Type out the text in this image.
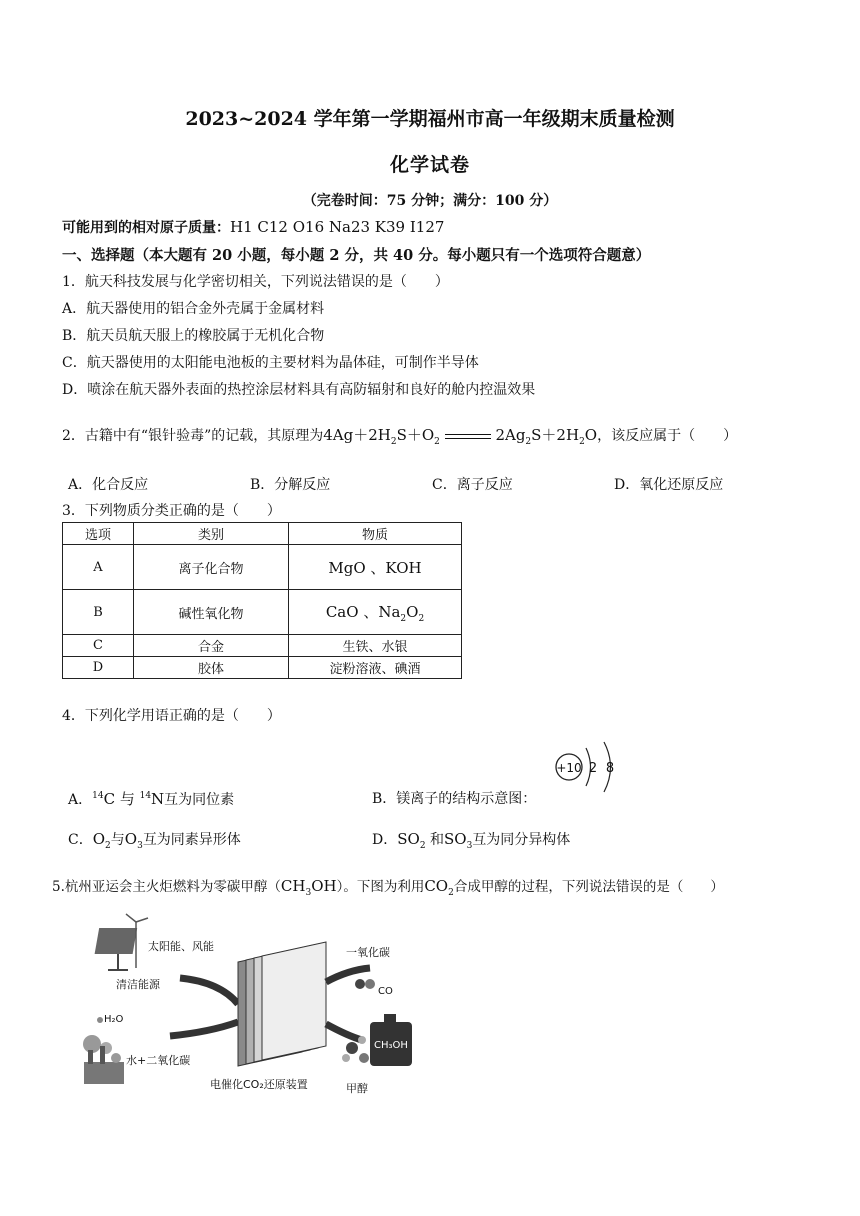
2023~2024 学年第一学期福州市高一年级期末质量检测
化学试卷
（完卷时间：75 分钟；满分：100 分）
可能用到的相对原子质量：H1 C12 O16 Na23 K39 I127
一、选择题（本大题有 20 小题，每小题 2 分，共 40 分。每小题只有一个选项符合题意）
1．航天科技发展与化学密切相关，下列说法错误的是（　　）
A．航天器使用的铝合金外壳属于金属材料
B．航天员航天服上的橡胶属于无机化合物
C．航天器使用的太阳能电池板的主要材料为晶体硅，可制作半导体
D．喷涂在航天器外表面的热控涂层材料具有高防辐射和良好的舱内控温效果
2．古籍中有“银针验毒”的记载，其原理为$4Ag+2H_2S+O_2$	$2Ag_2S+2H_2O$，该反应属于（　　）
A．化合反应	B．分解反应	C．离子反应	D．氧化还原反应
3．下列物质分类正确的是（　　）
选项	类别	物质
A	离子化合物	MgO 、KOH
B	碱性氧化物	CaO 、$Na_2O_2$
C	合金	生铁、水银
D	胶体	淀粉溶液、碘酒
4．下列化学用语正确的是（　　）
+10 2 8
A．$^{14}$C 与 $^{14}$N互为同位素	B．镁离子的结构示意图：
C．$O_2$与$O_3$互为同素异形体	D．$SO_2$ 和$SO_3$互为同分异构体
5.杭州亚运会主火炬燃料为零碳甲醇$(CH_3OH)$。下图为利用$CO_2$合成甲醇的过程，下列说法错误的是（　　）
太阳能、风能
清洁能源
H₂O
水+二氧化碳
电催化CO₂还原装置
一氧化碳
CO
CH₃OH
甲醇
